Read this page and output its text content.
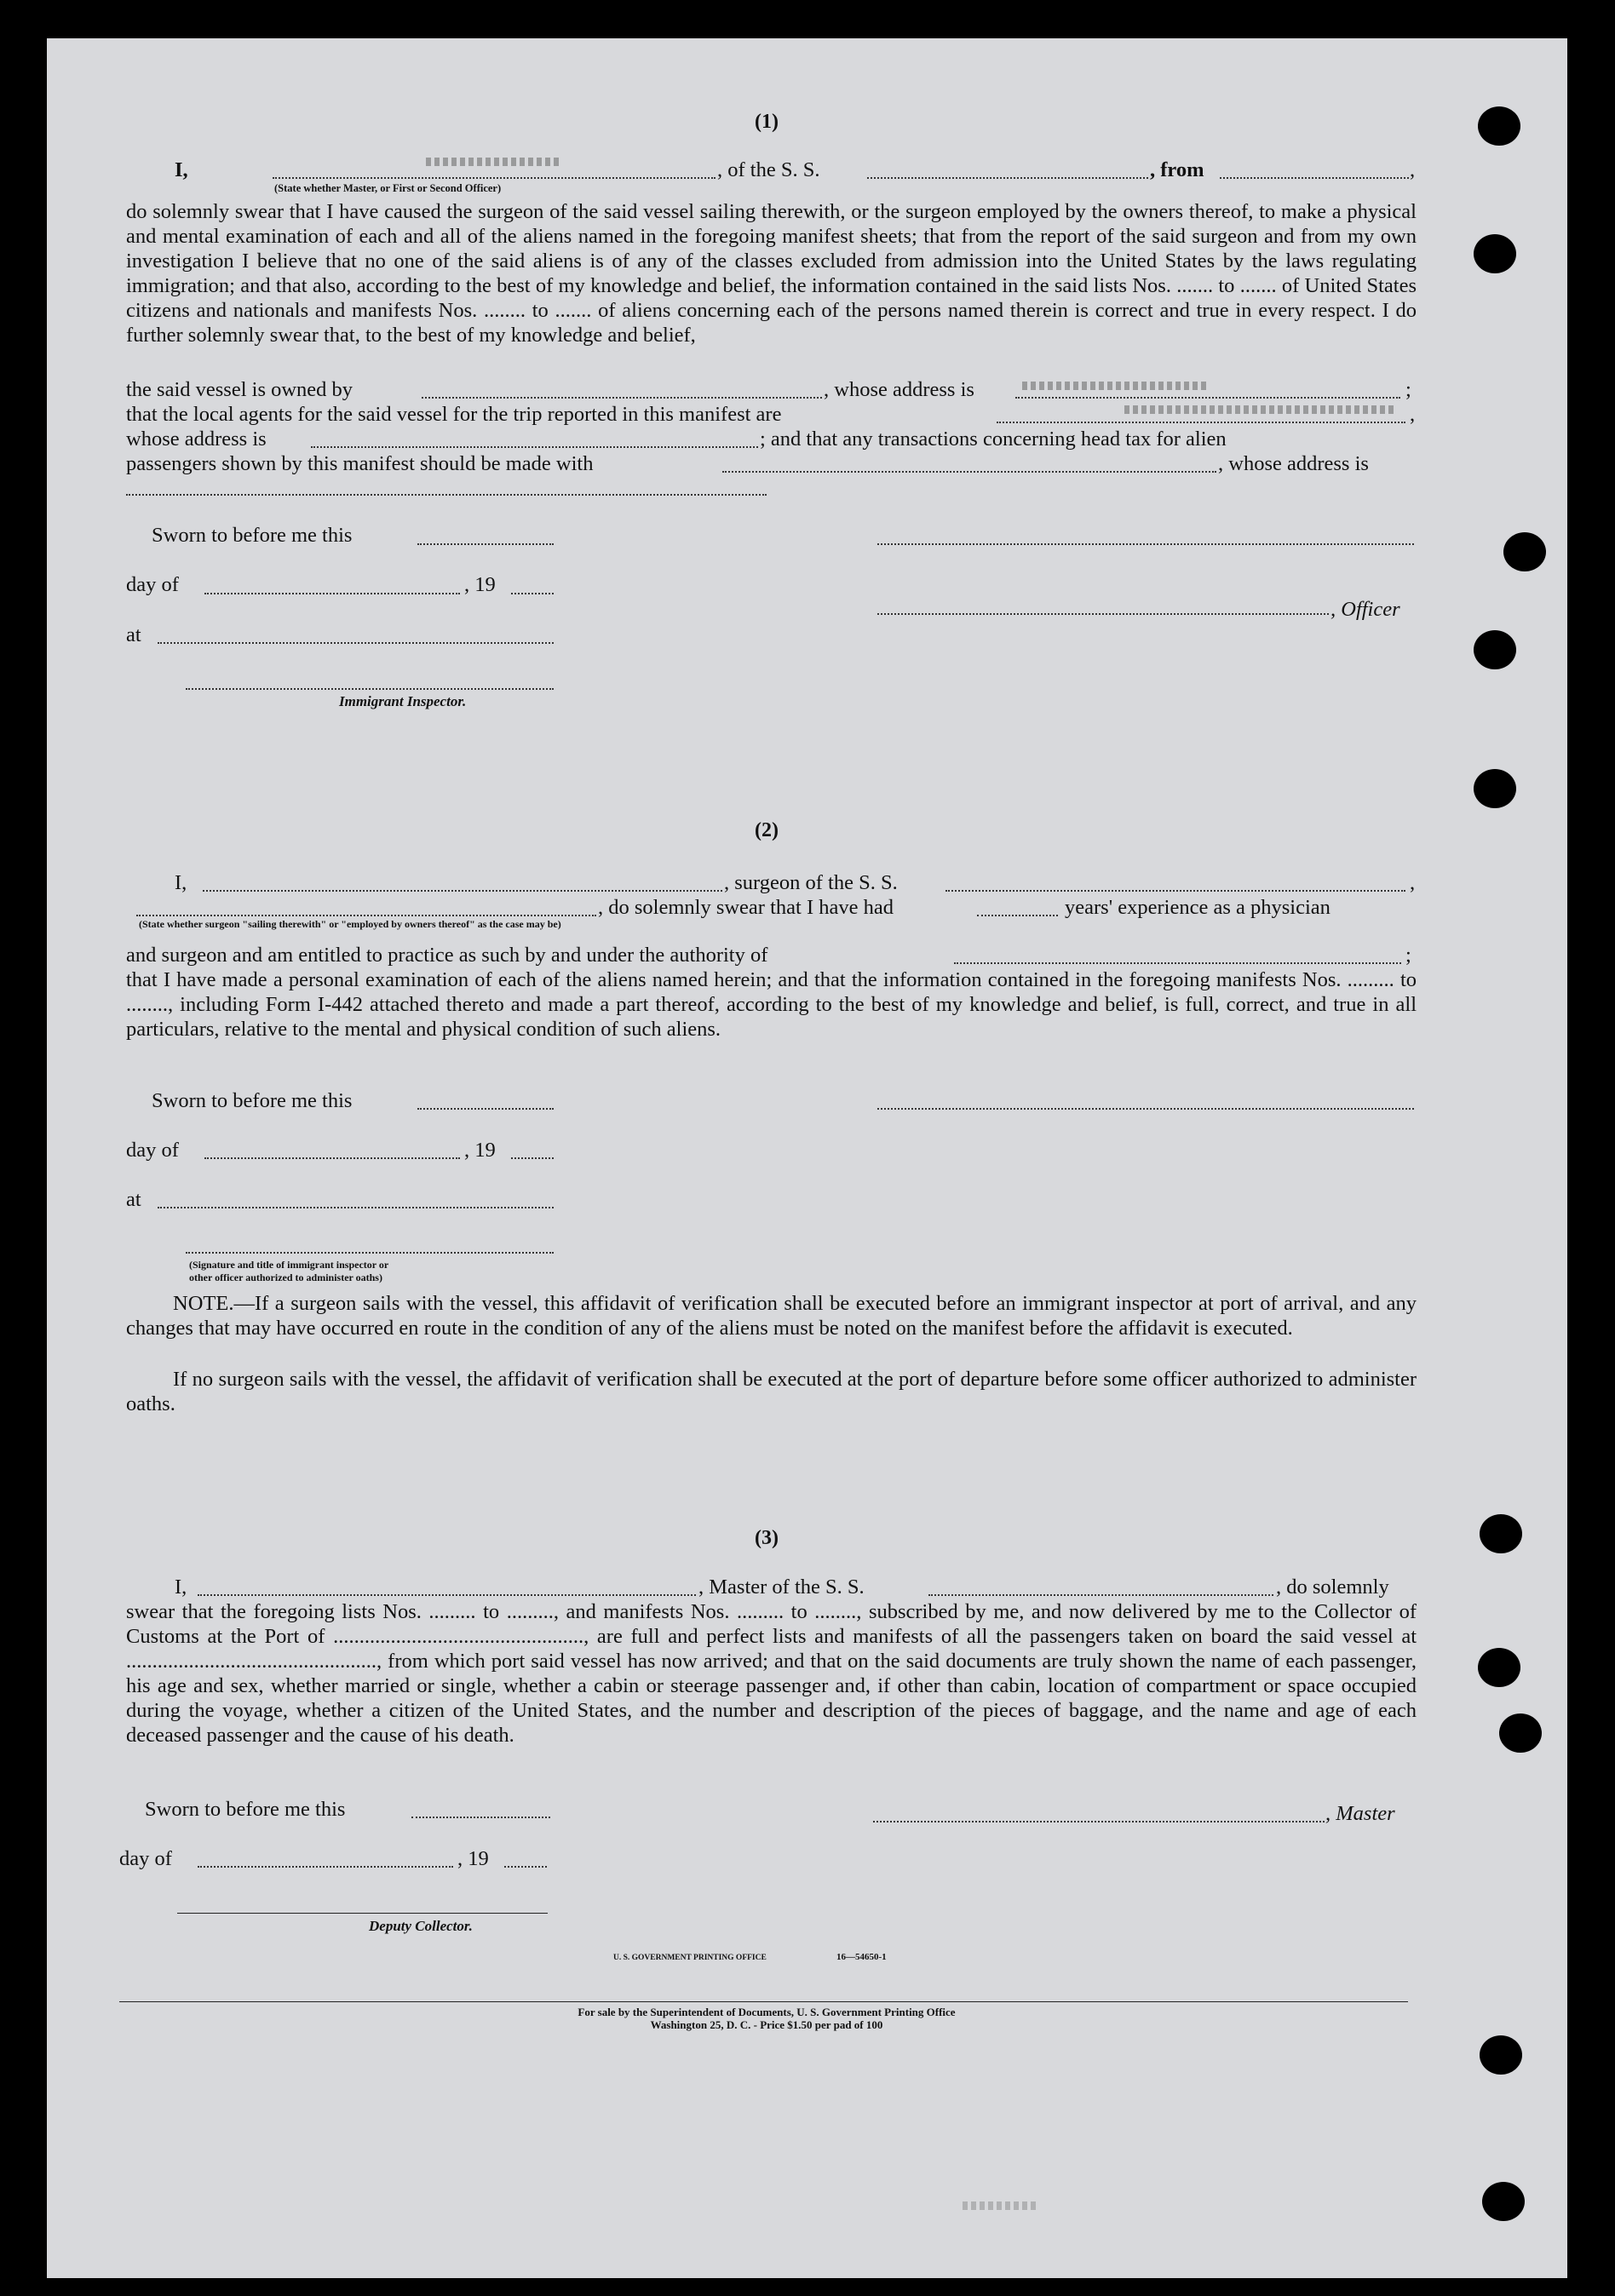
(1)
I,	, of the S. S.	, from	,
(State whether Master, or First or Second Officer)
do solemnly swear that I have caused the surgeon of the said vessel sailing therewith, or the surgeon employed by the owners thereof, to make a physical and mental examination of each and all of the aliens named in the foregoing manifest sheets; that from the report of the said surgeon and from my own investigation I believe that no one of the said aliens is of any of the classes excluded from admission into the United States by the laws regulating immigration; and that also, according to the best of my knowledge and belief, the information contained in the said lists Nos. ....... to ....... of United States citizens and nationals and manifests Nos. ........ to ....... of aliens concerning each of the persons named therein is correct and true in every respect. I do further solemnly swear that, to the best of my knowledge and belief,
the said vessel is owned by	, whose address is	;
that the local agents for the said vessel for the trip reported in this manifest are	,
whose address is	; and that any transactions concerning head tax for alien
passengers shown by this manifest should be made with	, whose address is
Sworn to before me this
day of	, 19
, Officer
at
Immigrant Inspector.
(2)
I,	, surgeon of the S. S.	,
, do solemnly swear that I have had	years' experience as a physician
(State whether surgeon "sailing therewith" or "employed by owners thereof" as the case may be)
and surgeon and am entitled to practice as such by and under the authority of	;
that I have made a personal examination of each of the aliens named herein; and that the information contained in the foregoing manifests Nos. ......... to ........, including Form I-442 attached thereto and made a part thereof, according to the best of my knowledge and belief, is full, correct, and true in all particulars, relative to the mental and physical condition of such aliens.
Sworn to before me this
day of	, 19
at
(Signature and title of immigrant inspector or
other officer authorized to administer oaths)
NOTE.—If a surgeon sails with the vessel, this affidavit of verification shall be executed before an immigrant inspector at port of arrival, and any changes that may have occurred en route in the condition of any of the aliens must be noted on the manifest before the affidavit is executed.
If no surgeon sails with the vessel, the affidavit of verification shall be executed at the port of departure before some officer authorized to administer oaths.
(3)
I,	, Master of the S. S.	, do solemnly
swear that the foregoing lists Nos. ......... to ........., and manifests Nos. ......... to ........, subscribed by me, and now delivered by me to the Collector of Customs at the Port of ................................................, are full and perfect lists and manifests of all the passengers taken on board the said vessel at ................................................, from which port said vessel has now arrived; and that on the said documents are truly shown the name of each passenger, his age and sex, whether married or single, whether a cabin or steerage passenger and, if other than cabin, location of compartment or space occupied during the voyage, whether a citizen of the United States, and the number and description of the pieces of baggage, and the name and age of each deceased passenger and the cause of his death.
Sworn to before me this	, Master
day of	, 19
Deputy Collector.
U. S. GOVERNMENT PRINTING OFFICE	16—54650-1
For sale by the Superintendent of Documents, U. S. Government Printing Office
Washington 25, D. C. - Price $1.50 per pad of 100
